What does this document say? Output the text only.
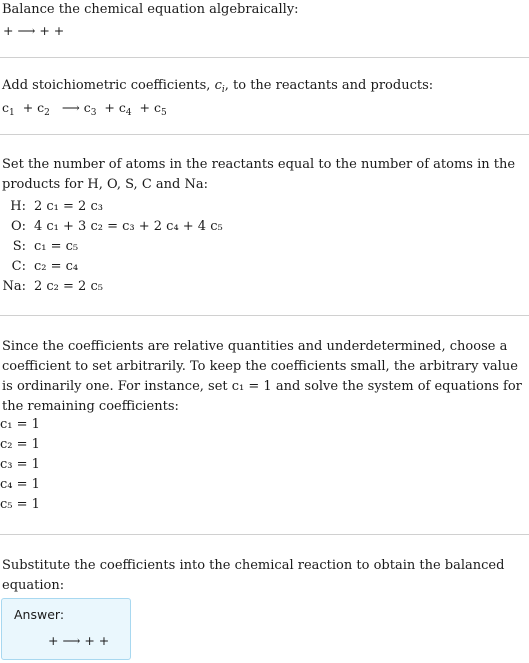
Balance the chemical equation algebraically:
+ ⟶ + +
Add stoichiometric coefficients, $c_i$, to the reactants and products:
$c_1 + c_2$ ⟶ $c_3 + c_4 + c_5$
Set the number of atoms in the reactants equal to the number of atoms in the products for H, O, S, C and Na:
H: 2 c₁ = 2 c₃
O: 4 c₁ + 3 c₂ = c₃ + 2 c₄ + 4 c₅
S: c₁ = c₅
C: c₂ = c₄
Na: 2 c₂ = 2 c₅
Since the coefficients are relative quantities and underdetermined, choose a coefficient to set arbitrarily. To keep the coefficients small, the arbitrary value is ordinarily one. For instance, set c₁ = 1 and solve the system of equations for the remaining coefficients:
c₁ = 1
c₂ = 1
c₃ = 1
c₄ = 1
c₅ = 1
Substitute the coefficients into the chemical reaction to obtain the balanced equation:
Answer:
+ ⟶ + +
